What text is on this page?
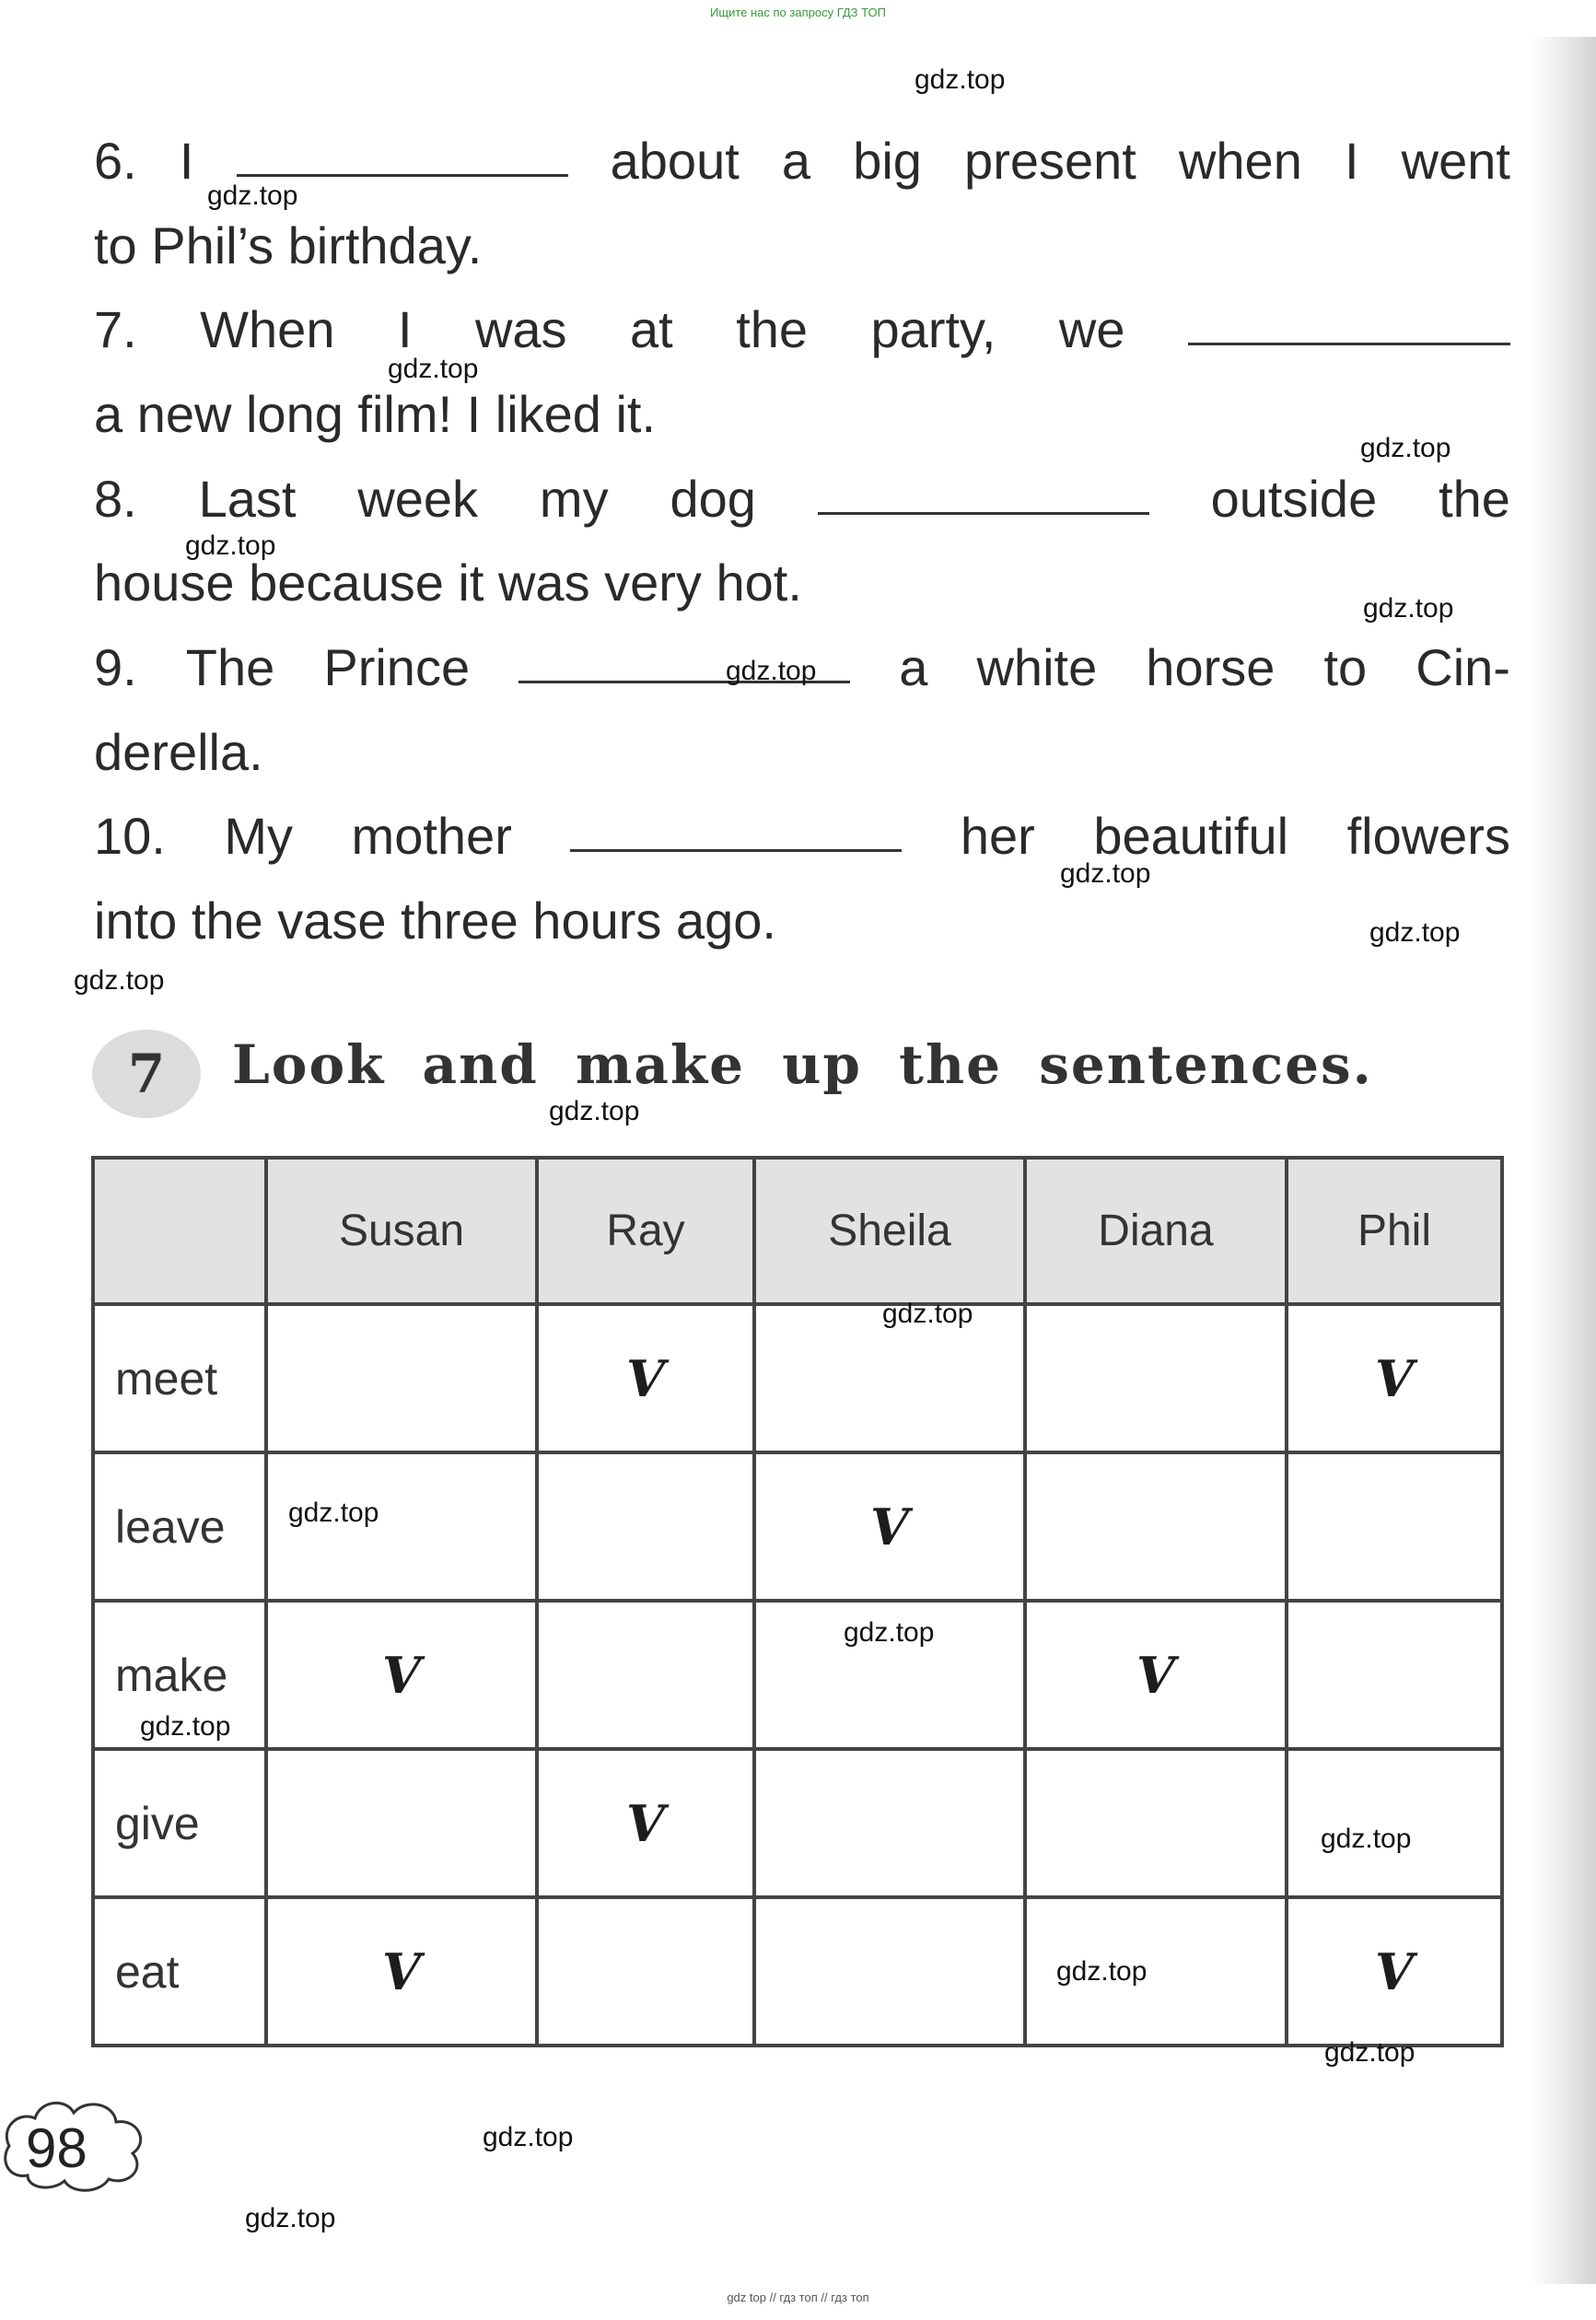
Ищите нас по запросу ГДЗ ТОП
6. I	about a big present when I went
to Phil’s birthday.
7. When I was at the party, we
a new long film! I liked it.
8. Last week my dog	outside the
house because it was very hot.
9. The Prince	a white horse to Cin-
derella.
10. My mother	her beautiful flowers
into the vase three hours ago.
7	Look and make up the sentences.
	Susan	Ray	Sheila	Diana	Phil
meet		V			V
leave			V		
make	V			V	
give		V			
eat	V				V
98
gdz top // гдз топ // гдз топ
gdz.top
gdz.top
gdz.top
gdz.top
gdz.top
gdz.top
gdz.top
gdz.top
gdz.top
gdz.top
gdz.top
gdz.top
gdz.top
gdz.top
gdz.top
gdz.top
gdz.top
gdz.top
gdz.top
gdz.top
